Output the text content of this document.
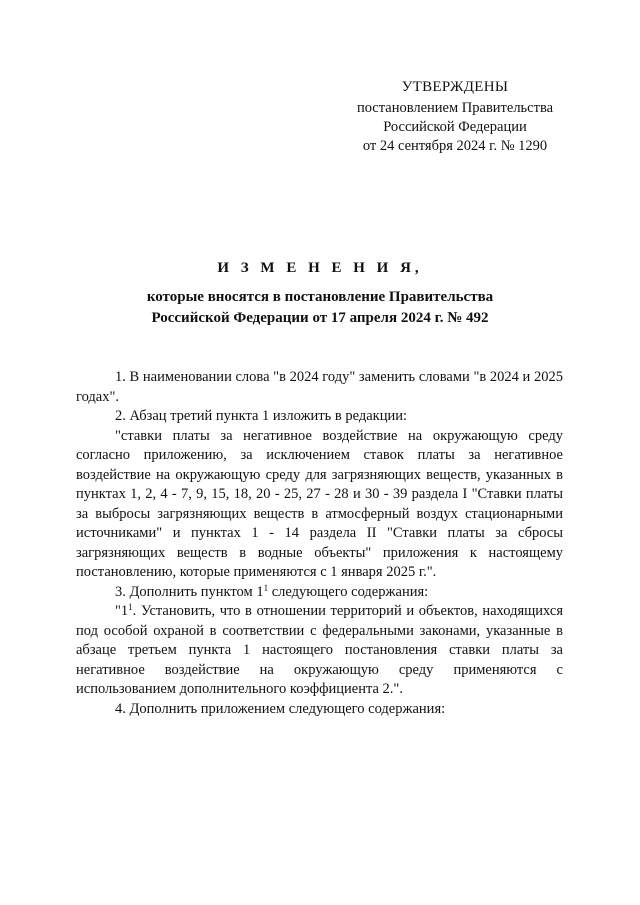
УТВЕРЖДЕНЫ
постановлением Правительства
Российской Федерации
от 24 сентября 2024 г. № 1290
И З М Е Н Е Н И Я,
которые вносятся в постановление Правительства
Российской Федерации от 17 апреля 2024 г. № 492

1. В наименовании слова "в 2024 году" заменить словами "в 2024 и 2025 годах".

2. Абзац третий пункта 1 изложить в редакции:

"ставки платы за негативное воздействие на окружающую среду согласно приложению, за исключением ставок платы за негативное воздействие на окружающую среду для загрязняющих веществ, указанных в пунктах 1, 2, 4 - 7, 9, 15, 18, 20 - 25, 27 - 28 и 30 - 39 раздела I "Ставки платы за выбросы загрязняющих веществ в атмосферный воздух стационарными источниками" и пунктах 1 - 14 раздела II "Ставки платы за сбросы загрязняющих веществ в водные объекты" приложения к настоящему постановлению, которые применяются с 1 января 2025 г.".

3. Дополнить пунктом $1^1$ следующего содержания:

"$1^1$. Установить, что в отношении территорий и объектов, находящихся под особой охраной в соответствии с федеральными законами, указанные в абзаце третьем пункта 1 настоящего постановления ставки платы за негативное воздействие на окружающую среду применяются с использованием дополнительного коэффициента 2.".

4. Дополнить приложением следующего содержания:
